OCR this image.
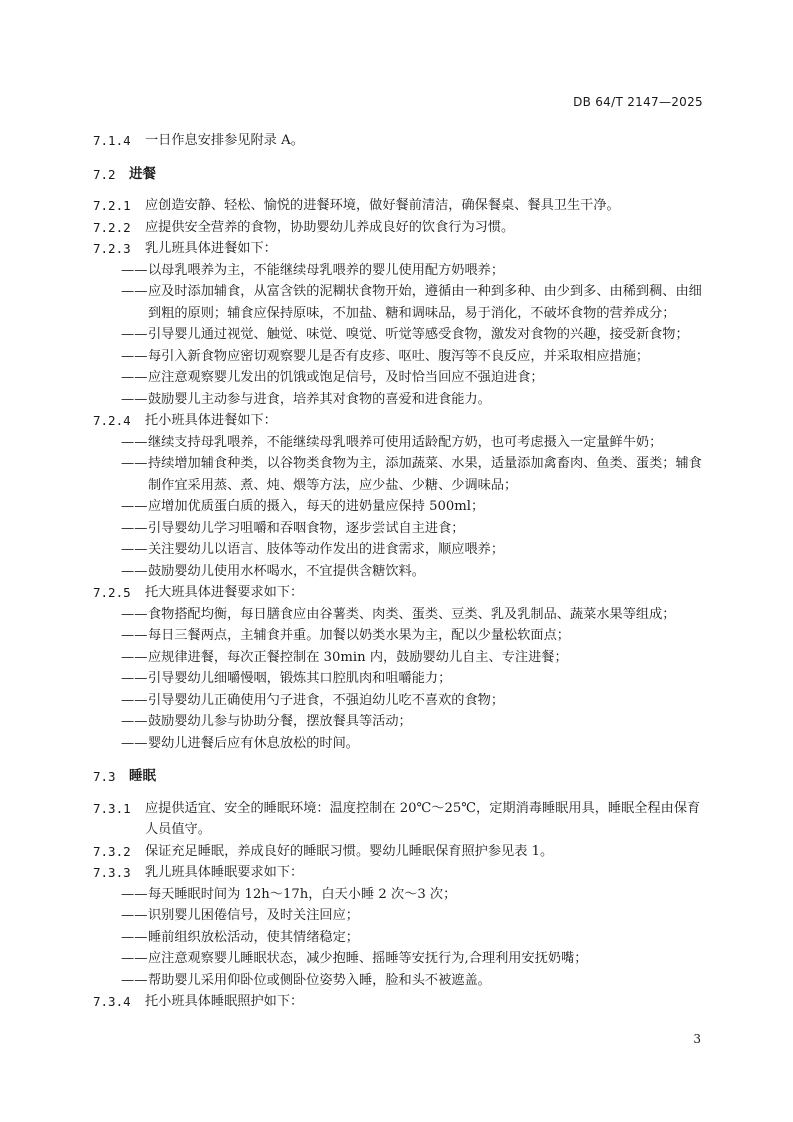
DB 64/T 2147—2025
7.1.4 一日作息安排参见附录 A。
7.2 进餐
7.2.1 应创造安静、轻松、愉悦的进餐环境，做好餐前清洁，确保餐桌、餐具卫生干净。
7.2.2 应提供安全营养的食物，协助婴幼儿养成良好的饮食行为习惯。
7.2.3 乳儿班具体进餐如下：
—— 以母乳喂养为主，不能继续母乳喂养的婴儿使用配方奶喂养；
—— 应及时添加辅食，从富含铁的泥糊状食物开始，遵循由一种到多种、由少到多、由稀到稠、由细到粗的原则；辅食应保持原味，不加盐、糖和调味品，易于消化，不破坏食物的营养成分；
—— 引导婴儿通过视觉、触觉、味觉、嗅觉、听觉等感受食物，激发对食物的兴趣，接受新食物；
—— 每引入新食物应密切观察婴儿是否有皮疹、呕吐、腹泻等不良反应，并采取相应措施；
—— 应注意观察婴儿发出的饥饿或饱足信号，及时恰当回应不强迫进食；
—— 鼓励婴儿主动参与进食，培养其对食物的喜爱和进食能力。
7.2.4 托小班具体进餐如下：
—— 继续支持母乳喂养，不能继续母乳喂养可使用适龄配方奶，也可考虑摄入一定量鲜牛奶；
—— 持续增加辅食种类，以谷物类食物为主，添加蔬菜、水果，适量添加禽畜肉、鱼类、蛋类；辅食制作宜采用蒸、煮、炖、煨等方法，应少盐、少糖、少调味品；
—— 应增加优质蛋白质的摄入，每天的进奶量应保持 500ml；
—— 引导婴幼儿学习咀嚼和吞咽食物，逐步尝试自主进食；
—— 关注婴幼儿以语言、肢体等动作发出的进食需求，顺应喂养；
—— 鼓励婴幼儿使用水杯喝水，不宜提供含糖饮料。
7.2.5 托大班具体进餐要求如下：
—— 食物搭配均衡，每日膳食应由谷薯类、肉类、蛋类、豆类、乳及乳制品、蔬菜水果等组成；
—— 每日三餐两点，主辅食并重。加餐以奶类水果为主，配以少量松软面点；
—— 应规律进餐，每次正餐控制在 30min 内，鼓励婴幼儿自主、专注进餐；
—— 引导婴幼儿细嚼慢咽，锻炼其口腔肌肉和咀嚼能力；
—— 引导婴幼儿正确使用勺子进食，不强迫幼儿吃不喜欢的食物；
—— 鼓励婴幼儿参与协助分餐，摆放餐具等活动；
—— 婴幼儿进餐后应有休息放松的时间。
7.3 睡眠
7.3.1 应提供适宜、安全的睡眠环境：温度控制在 20℃～25℃，定期消毒睡眠用具，睡眠全程由保育人员值守。
7.3.2 保证充足睡眠，养成良好的睡眠习惯。婴幼儿睡眠保育照护参见表 1。
7.3.3 乳儿班具体睡眠要求如下：
—— 每天睡眠时间为 12h～17h，白天小睡 2 次～3 次；
—— 识别婴儿困倦信号，及时关注回应；
—— 睡前组织放松活动，使其情绪稳定；
—— 应注意观察婴儿睡眠状态，减少抱睡、摇睡等安抚行为,合理利用安抚奶嘴；
—— 帮助婴儿采用仰卧位或侧卧位姿势入睡，脸和头不被遮盖。
7.3.4 托小班具体睡眠照护如下：
3
